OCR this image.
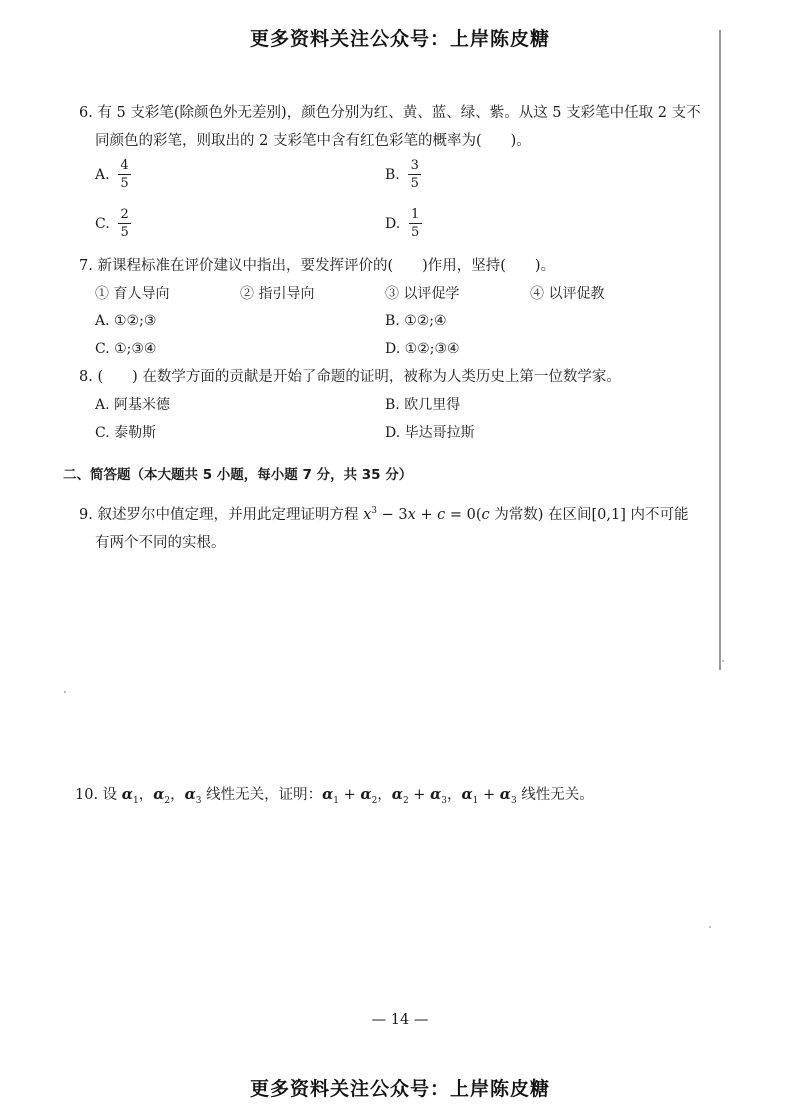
更多资料关注公众号：上岸陈皮糖
6. 有 5 支彩笔(除颜色外无差别)，颜色分别为红、黄、蓝、绿、紫。从这 5 支彩笔中任取 2 支不
同颜色的彩笔，则取出的 2 支彩笔中含有红色彩笔的概率为(　　)。
A. $\frac{4}{5}$	B. $\frac{3}{5}$
C. $\frac{2}{5}$	D. $\frac{1}{5}$
7. 新课程标准在评价建议中指出，要发挥评价的(　　)作用，坚持(　　)。
① 育人导向	② 指引导向	③ 以评促学	④ 以评促教
A. ①②;③	B. ①②;④
C. ①;③④	D. ①②;③④
8. (　　) 在数学方面的贡献是开始了命题的证明，被称为人类历史上第一位数学家。
A. 阿基米德	B. 欧几里得
C. 泰勒斯	D. 毕达哥拉斯
二、简答题（本大题共 5 小题，每小题 7 分，共 35 分）
9. 叙述罗尔中值定理，并用此定理证明方程 $x^3 - 3x + c = 0(c$ 为常数) 在区间[0,1] 内不可能
有两个不同的实根。
10. 设 $\alpha_1$，$\alpha_2$，$\alpha_3$ 线性无关，证明：$\alpha_1 + \alpha_2$，$\alpha_2 + \alpha_3$，$\alpha_1 + \alpha_3$ 线性无关。
— 14 —
更多资料关注公众号：上岸陈皮糖
